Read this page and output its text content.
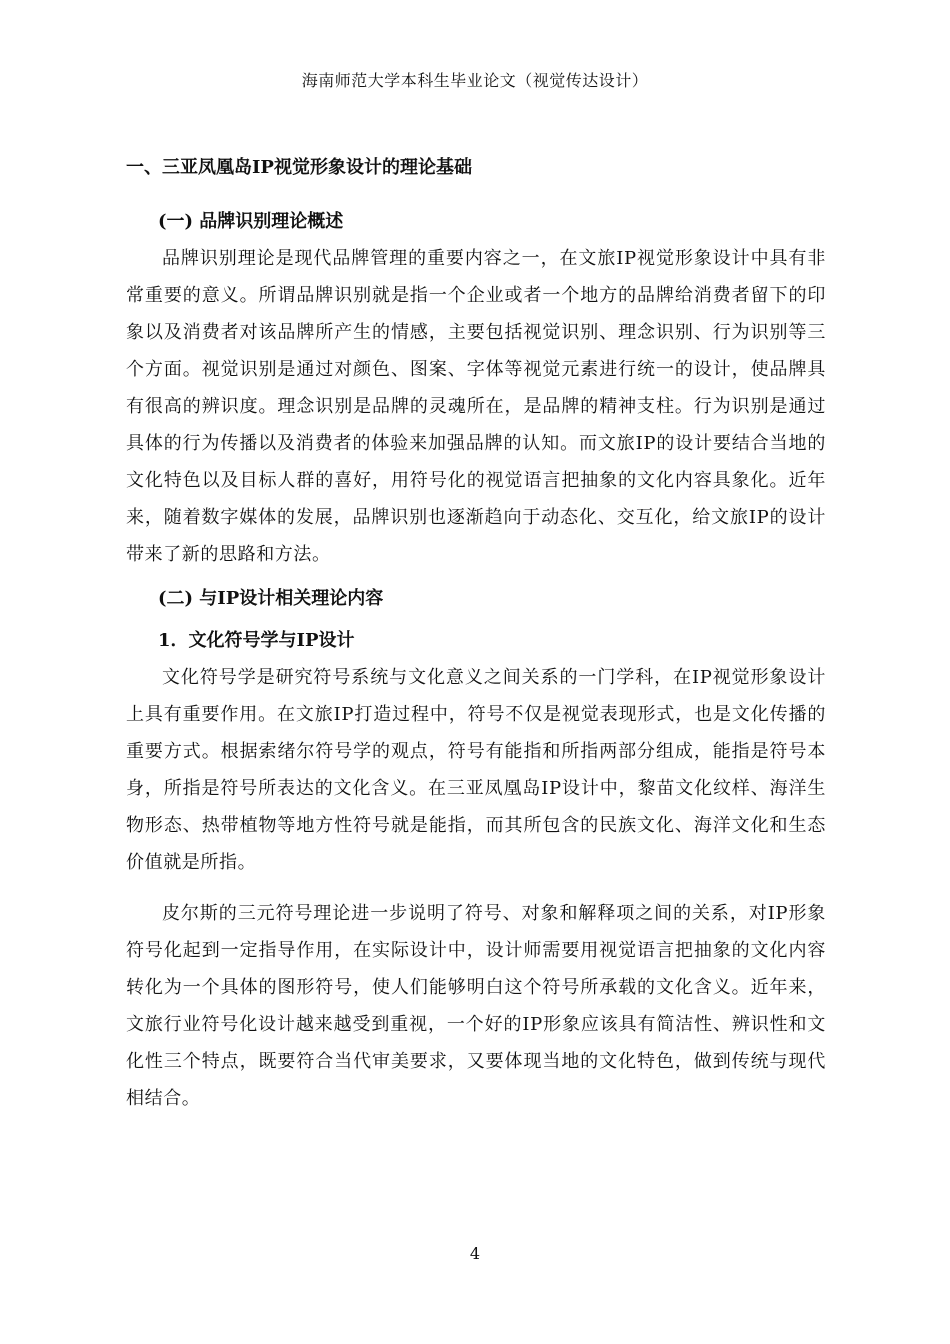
海南师范大学本科生毕业论文（视觉传达设计）
一、三亚凤凰岛IP视觉形象设计的理论基础
(一) 品牌识别理论概述

品牌识别理论是现代品牌管理的重要内容之一，在文旅IP视觉形象设计中具有非常重要的意义。所谓品牌识别就是指一个企业或者一个地方的品牌给消费者留下的印象以及消费者对该品牌所产生的情感，主要包括视觉识别、理念识别、行为识别等三个方面。视觉识别是通过对颜色、图案、字体等视觉元素进行统一的设计，使品牌具有很高的辨识度。理念识别是品牌的灵魂所在，是品牌的精神支柱。行为识别是通过具体的行为传播以及消费者的体验来加强品牌的认知。而文旅IP的设计要结合当地的文化特色以及目标人群的喜好，用符号化的视觉语言把抽象的文化内容具象化。近年来，随着数字媒体的发展，品牌识别也逐渐趋向于动态化、交互化，给文旅IP的设计带来了新的思路和方法。

(二) 与IP设计相关理论内容
1．文化符号学与IP设计

文化符号学是研究符号系统与文化意义之间关系的一门学科，在IP视觉形象设计上具有重要作用。在文旅IP打造过程中，符号不仅是视觉表现形式，也是文化传播的重要方式。根据索绪尔符号学的观点，符号有能指和所指两部分组成，能指是符号本身，所指是符号所表达的文化含义。在三亚凤凰岛IP设计中，黎苗文化纹样、海洋生物形态、热带植物等地方性符号就是能指，而其所包含的民族文化、海洋文化和生态价值就是所指。

皮尔斯的三元符号理论进一步说明了符号、对象和解释项之间的关系，对IP形象符号化起到一定指导作用，在实际设计中，设计师需要用视觉语言把抽象的文化内容转化为一个具体的图形符号，使人们能够明白这个符号所承载的文化含义。近年来，文旅行业符号化设计越来越受到重视，一个好的IP形象应该具有简洁性、辨识性和文化性三个特点，既要符合当代审美要求，又要体现当地的文化特色，做到传统与现代相结合。

4
